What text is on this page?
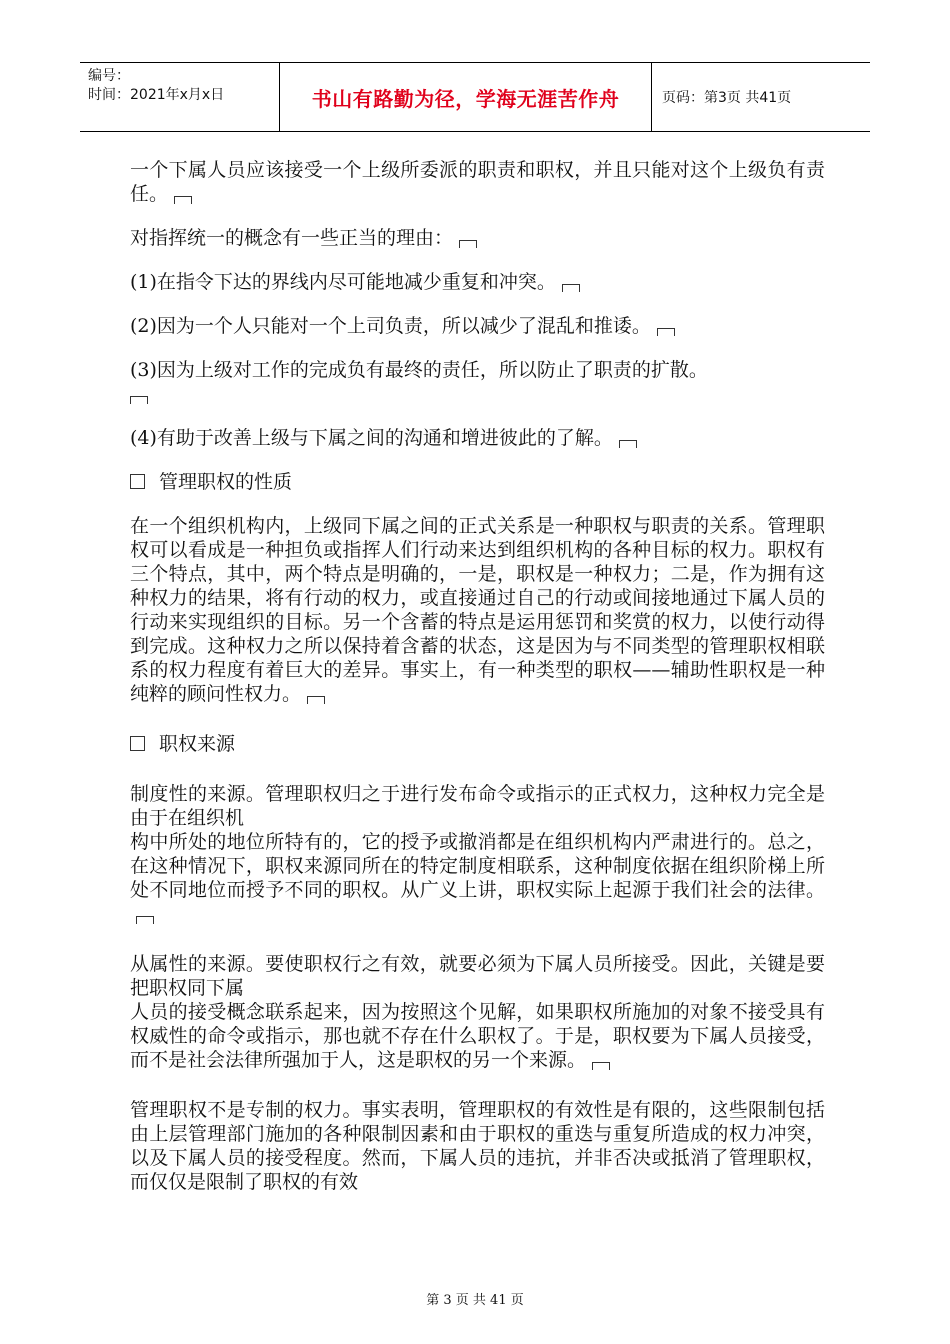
编号：
时间：2021年x月x日	书山有路勤为径，学海无涯苦作舟	页码：第3页 共41页

一个下属人员应该接受一个上级所委派的职责和职权，并且只能对这个上级负有责任。

对指挥统一的概念有一些正当的理由：

(1)在指令下达的界线内尽可能地减少重复和冲突。

(2)因为一个人只能对一个上司负责，所以减少了混乱和推诿。

(3)因为上级对工作的完成负有最终的责任，所以防止了职责的扩散。

(4)有助于改善上级与下属之间的沟通和增进彼此的了解。

管理职权的性质

在一个组织机构内，上级同下属之间的正式关系是一种职权与职责的关系。管理职权可以看成是一种担负或指挥人们行动来达到组织机构的各种目标的权力。职权有三个特点，其中，两个特点是明确的，一是，职权是一种权力；二是，作为拥有这种权力的结果，将有行动的权力，或直接通过自己的行动或间接地通过下属人员的行动来实现组织的目标。另一个含蓄的特点是运用惩罚和奖赏的权力，以使行动得到完成。这种权力之所以保持着含蓄的状态，这是因为与不同类型的管理职权相联系的权力程度有着巨大的差异。事实上，有一种类型的职权——辅助性职权是一种纯粹的顾问性权力。

职权来源

制度性的来源。管理职权归之于进行发布命令或指示的正式权力，这种权力完全是由于在组织机
构中所处的地位所特有的，它的授予或撤消都是在组织机构内严肃进行的。总之，在这种情况下，职权来源同所在的特定制度相联系，这种制度依据在组织阶梯上所处不同地位而授予不同的职权。从广义上讲，职权实际上起源于我们社会的法律。

从属性的来源。要使职权行之有效，就要必须为下属人员所接受。因此，关键是要把职权同下属
人员的接受概念联系起来，因为按照这个见解，如果职权所施加的对象不接受具有权威性的命令或指示，那也就不存在什么职权了。于是，职权要为下属人员接受，而不是社会法律所强加于人，这是职权的另一个来源。

管理职权不是专制的权力。事实表明，管理职权的有效性是有限的，这些限制包括由上层管理部门施加的各种限制因素和由于职权的重迭与重复所造成的权力冲突，以及下属人员的接受程度。然而，下属人员的违抗，并非否决或抵消了管理职权，而仅仅是限制了职权的有效

第 3 页 共 41 页
